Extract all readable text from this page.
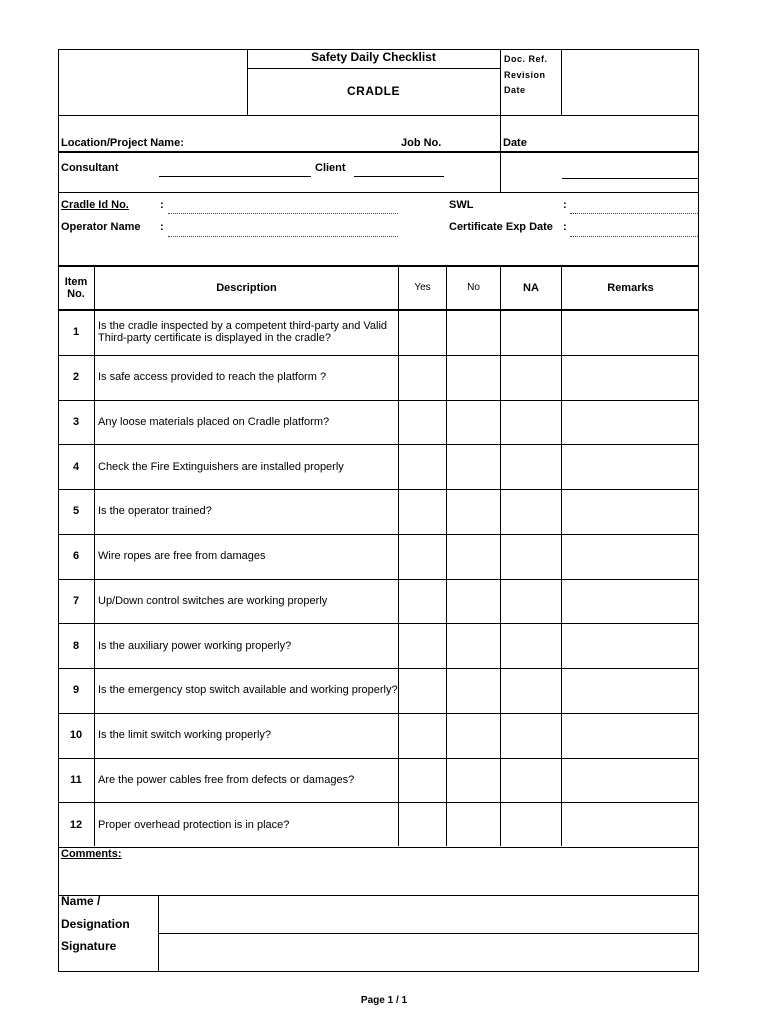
Safety Daily Checklist
CRADLE
Doc. Ref.
Revision
Date
Location/Project Name:	Job No.	Date
Consultant	Client
Cradle Id No.	:	SWL	:
Operator Name :	Certificate Exp Date :
Item No.	Description	Yes	No	NA	Remarks
1	Is the cradle inspected by a competent third-party and Valid Third-party certificate is displayed in the cradle?
2	Is safe access provided to reach the platform ?
3	Any loose materials placed on Cradle platform?
4	Check the Fire Extinguishers are installed properly
5	Is the operator trained?
6	Wire ropes are free from damages
7	Up/Down control switches are working properly
8	Is the auxiliary power working properly?
9	Is the emergency stop switch available and working properly?
10	Is the limit switch working properly?
11	Are the power cables free from defects or damages?
12	Proper overhead protection is in place?
Comments:
Name /
Designation
Signature
Page 1 / 1
